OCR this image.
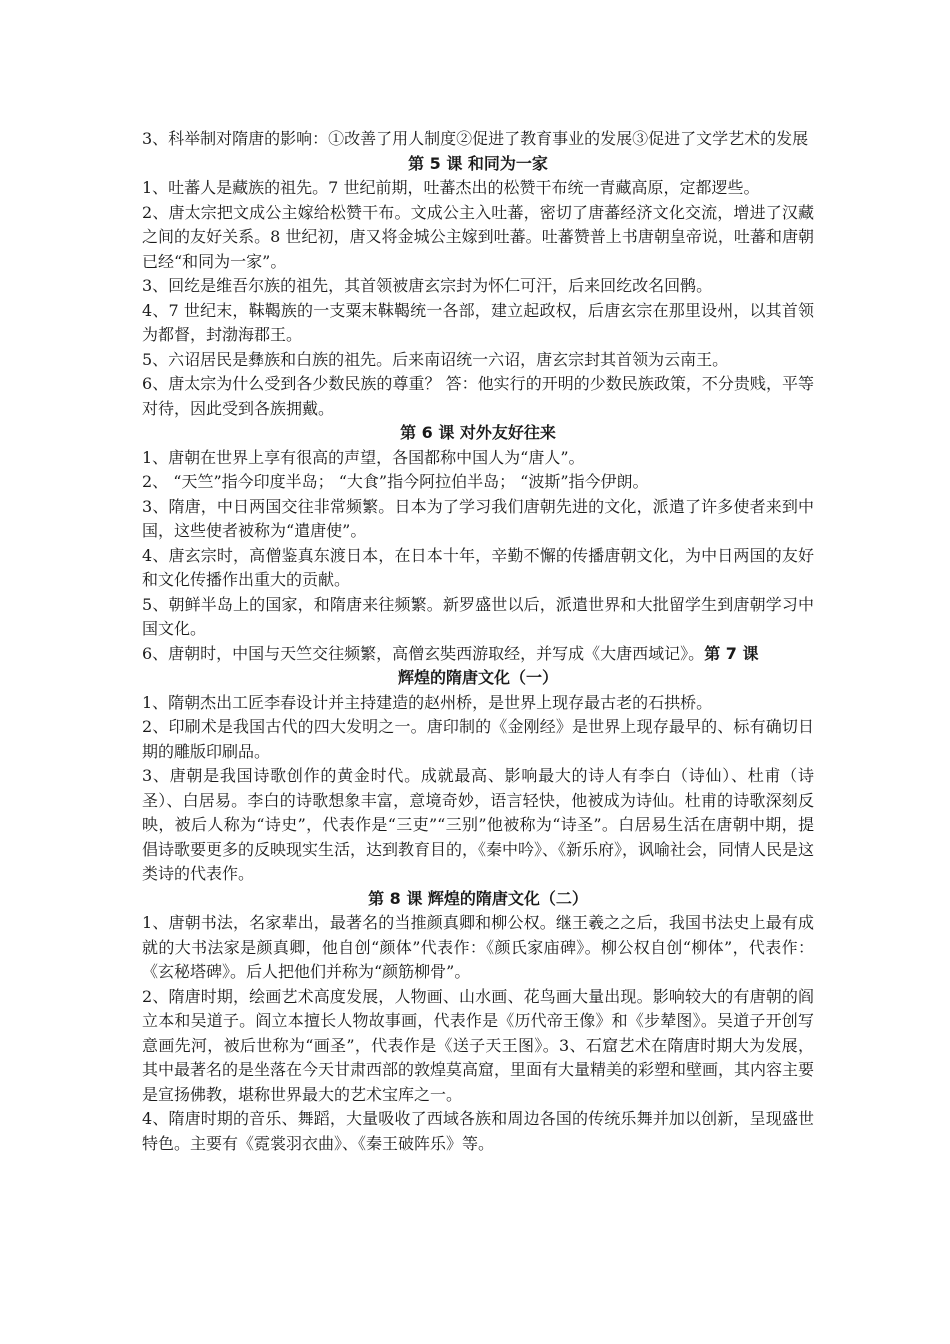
3、科举制对隋唐的影响：①改善了用人制度②促进了教育事业的发展③促进了文学艺术的发展

第 5 课 和同为一家

1、吐蕃人是藏族的祖先。7 世纪前期，吐蕃杰出的松赞干布统一青藏高原，定都逻些。

2、唐太宗把文成公主嫁给松赞干布。文成公主入吐蕃，密切了唐蕃经济文化交流，增进了汉藏之间的友好关系。8 世纪初，唐又将金城公主嫁到吐蕃。吐蕃赞普上书唐朝皇帝说，吐蕃和唐朝已经“和同为一家”。

3、回纥是维吾尔族的祖先，其首领被唐玄宗封为怀仁可汗，后来回纥改名回鹘。

4、7 世纪末，靺鞨族的一支粟末靺鞨统一各部，建立起政权，后唐玄宗在那里设州，以其首领为都督，封渤海郡王。

5、六诏居民是彝族和白族的祖先。后来南诏统一六诏，唐玄宗封其首领为云南王。

6、唐太宗为什么受到各少数民族的尊重？ 答：他实行的开明的少数民族政策，不分贵贱，平等对待，因此受到各族拥戴。

第 6 课 对外友好往来

1、唐朝在世界上享有很高的声望，各国都称中国人为“唐人”。

2、 “天竺”指今印度半岛； “大食”指今阿拉伯半岛； “波斯”指今伊朗。

3、隋唐，中日两国交往非常频繁。日本为了学习我们唐朝先进的文化，派遣了许多使者来到中国，这些使者被称为“遣唐使”。

4、唐玄宗时，高僧鉴真东渡日本，在日本十年，辛勤不懈的传播唐朝文化，为中日两国的友好和文化传播作出重大的贡献。

5、朝鲜半岛上的国家，和隋唐来往频繁。新罗盛世以后，派遣世界和大批留学生到唐朝学习中国文化。

6、唐朝时，中国与天竺交往频繁，高僧玄奘西游取经，并写成《大唐西域记》。第 7 课

辉煌的隋唐文化（一）

1、隋朝杰出工匠李春设计并主持建造的赵州桥，是世界上现存最古老的石拱桥。

2、印刷术是我国古代的四大发明之一。唐印制的《金刚经》是世界上现存最早的、标有确切日期的雕版印刷品。

3、唐朝是我国诗歌创作的黄金时代。成就最高、影响最大的诗人有李白（诗仙）、杜甫（诗圣）、白居易。李白的诗歌想象丰富，意境奇妙，语言轻快，他被成为诗仙。杜甫的诗歌深刻反映，被后人称为“诗史”，代表作是“三吏”“三别”他被称为“诗圣”。白居易生活在唐朝中期，提倡诗歌要更多的反映现实生活，达到教育目的，《秦中吟》、《新乐府》，讽喻社会，同情人民是这类诗的代表作。

第 8 课 辉煌的隋唐文化（二）

1、唐朝书法，名家辈出，最著名的当推颜真卿和柳公权。继王羲之之后，我国书法史上最有成就的大书法家是颜真卿，他自创“颜体”代表作：《颜氏家庙碑》。柳公权自创“柳体”，代表作：《玄秘塔碑》。后人把他们并称为“颜筋柳骨”。

2、隋唐时期，绘画艺术高度发展，人物画、山水画、花鸟画大量出现。影响较大的有唐朝的阎立本和吴道子。阎立本擅长人物故事画，代表作是《历代帝王像》和《步辇图》。吴道子开创写意画先河，被后世称为“画圣”，代表作是《送子天王图》。3、石窟艺术在隋唐时期大为发展，其中最著名的是坐落在今天甘肃西部的敦煌莫高窟，里面有大量精美的彩塑和壁画，其内容主要是宣扬佛教，堪称世界最大的艺术宝库之一。

4、隋唐时期的音乐、舞蹈，大量吸收了西域各族和周边各国的传统乐舞并加以创新，呈现盛世特色。主要有《霓裳羽衣曲》、《秦王破阵乐》等。
